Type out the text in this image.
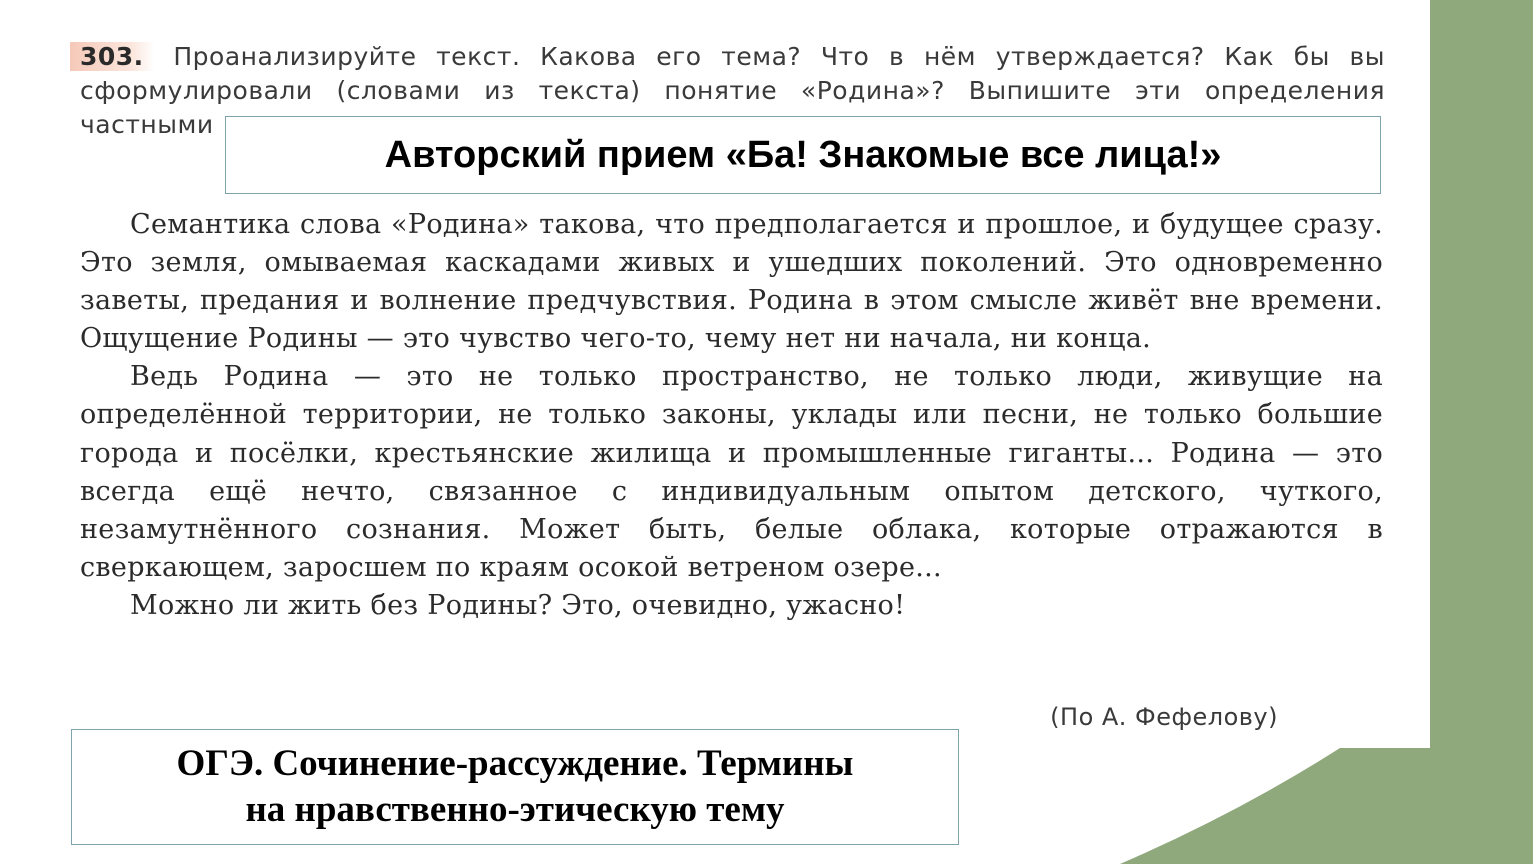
303. Проанализируйте текст. Какова его тема? Что в нём утверждается? Как бы вы сформулировали (словами из текста) понятие «Родина»? Выпишите эти определения частными

Семантика слова «Родина» такова, что предполагается и прошлое, и будущее сразу. Это земля, омываемая каскадами живых и ушедших поколений. Это одновременно заветы, предания и волнение предчувствия. Родина в этом смысле живёт вне времени. Ощущение Родины — это чувство чего-то, чему нет ни начала, ни конца.

Ведь Родина — это не только пространство, не только люди, живущие на определённой территории, не только законы, уклады или песни, не только большие города и посёлки, крестьянские жилища и промышленные гиганты... Родина — это всегда ещё нечто, связанное с индивидуальным опытом детского, чуткого, незамутнённого сознания. Может быть, белые облака, которые отражаются в сверкающем, заросшем по краям осокой ветреном озере...

Можно ли жить без Родины? Это, очевидно, ужасно!

(По А. Фефелову)
Авторский прием «Ба! Знакомые все лица!»
ОГЭ. Сочинение-рассуждение. Термины
на нравственно-этическую тему
